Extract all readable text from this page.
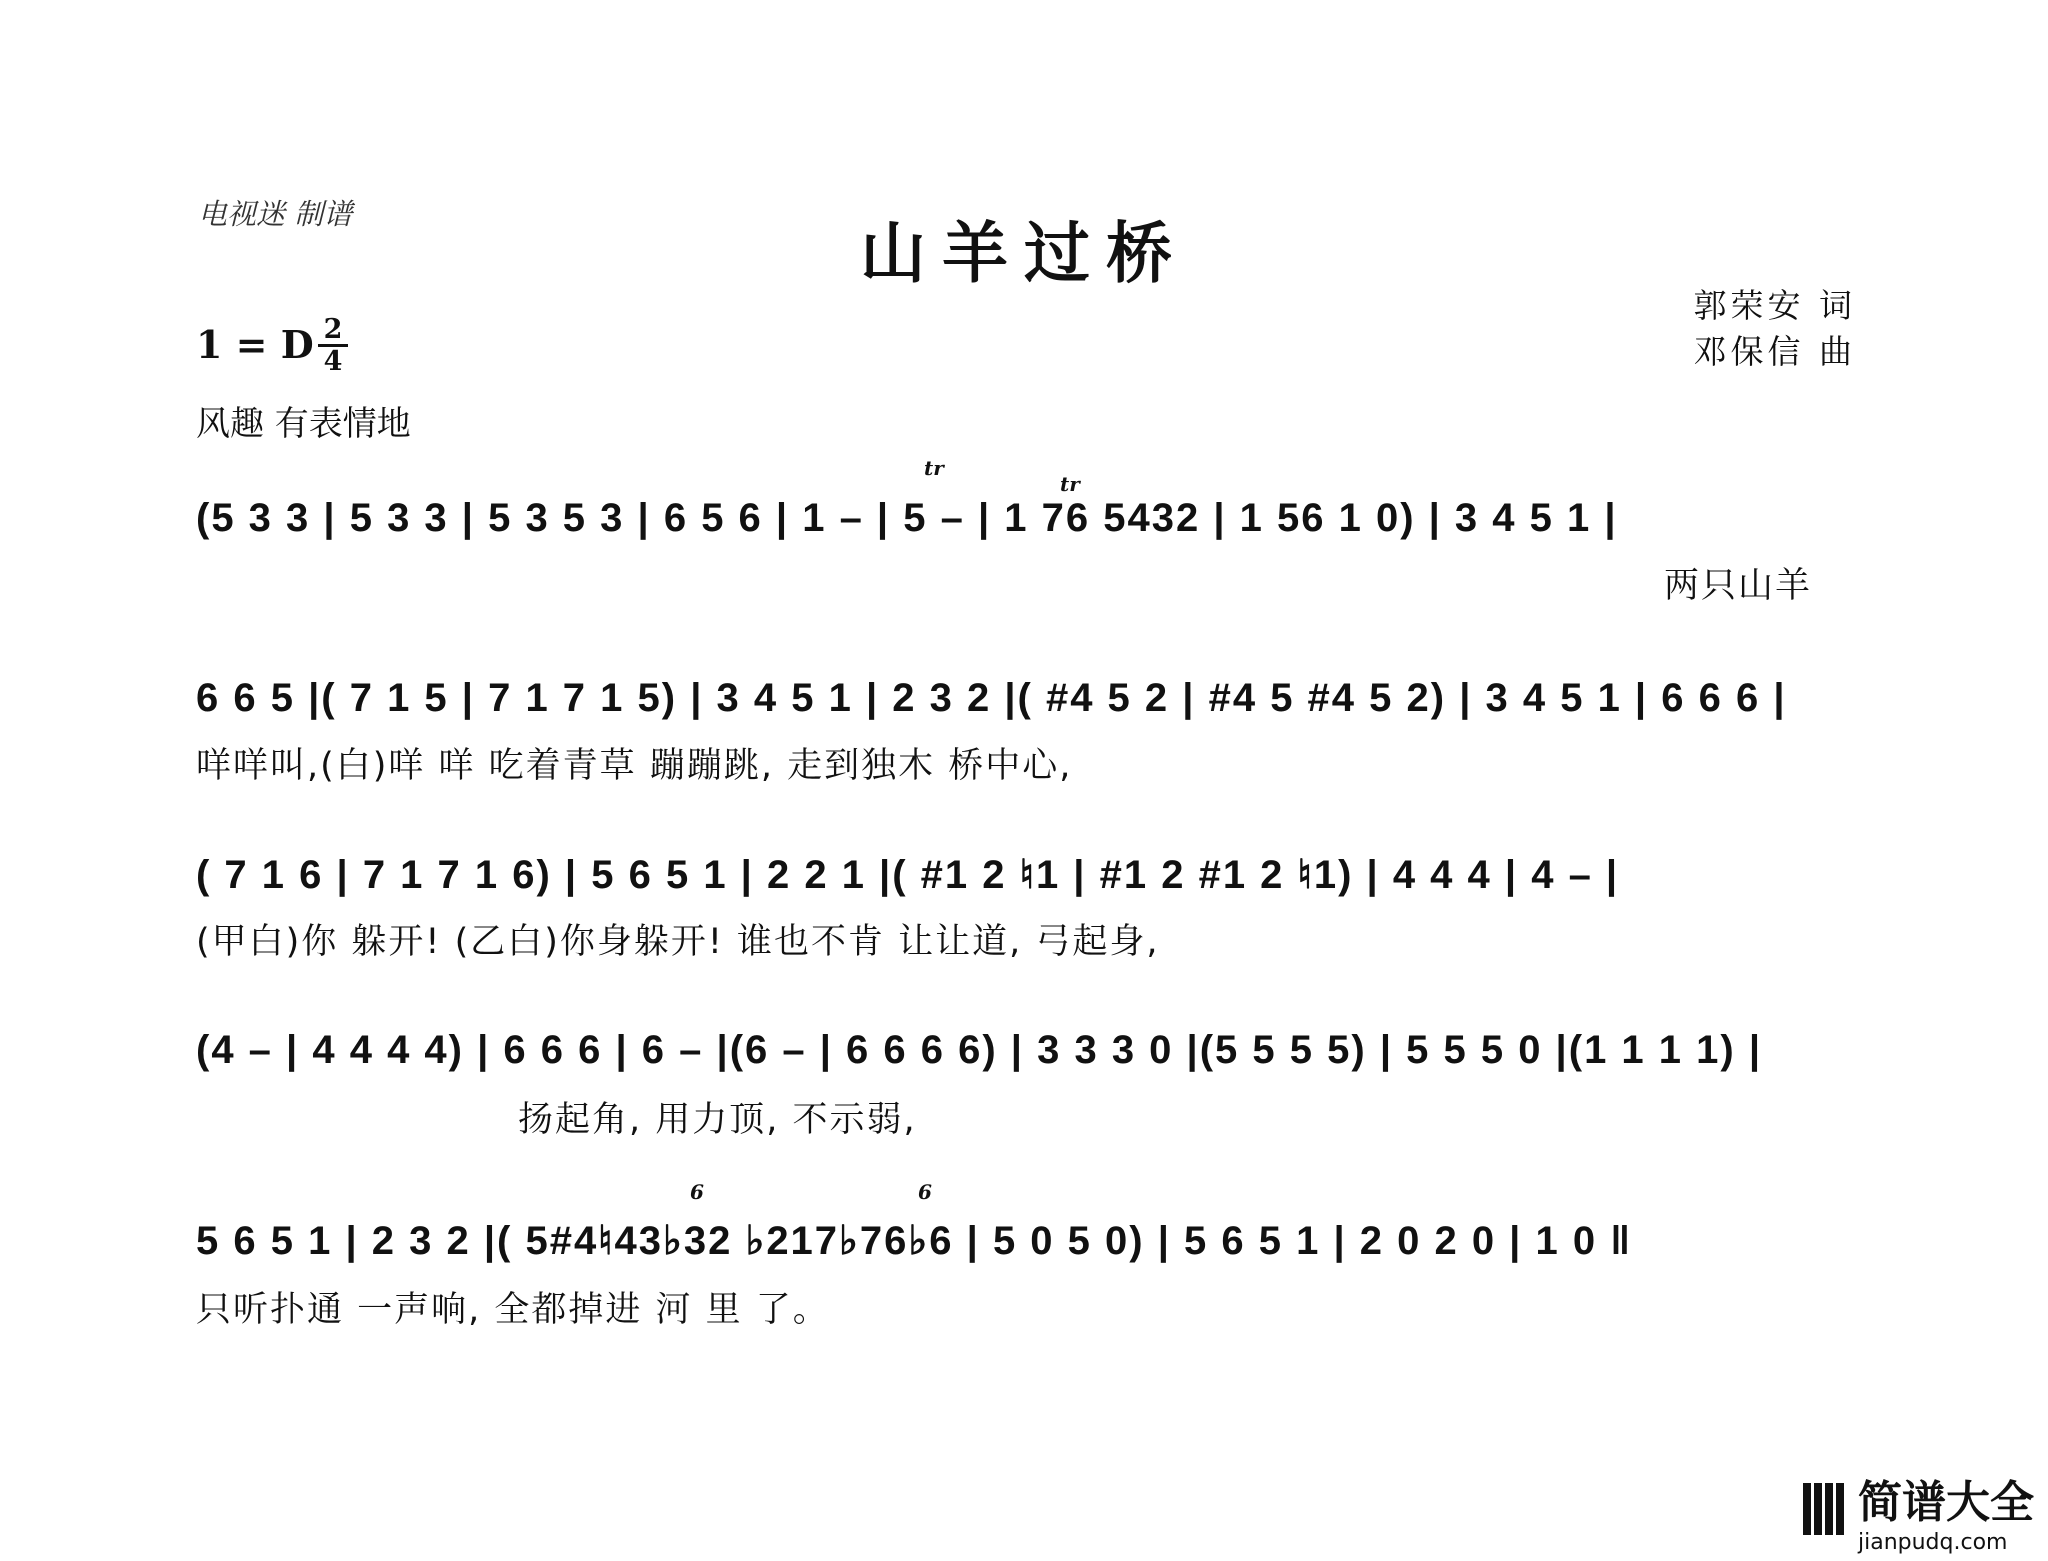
电视迷 制谱	山羊过桥
郭荣安 词
邓保信 曲
1 = D 2
4
风趣 有表情地
tr
tr
(5 3 3 | 5 3 3 | 5 3 5 3 | 6 5 6 | 1 – | 5 – | 1 76 5432 | 1 56 1 0) | 3 4 5 1 |
两只山羊
6 6 5 |( 7 1 5 | 7 1 7 1 5) | 3 4 5 1 | 2 3 2 |( #4 5 2 | #4 5 #4 5 2) | 3 4 5 1 | 6 6 6 |
咩咩叫,(白)咩 咩 吃着青草 蹦蹦跳, 走到独木 桥中心,
( 7 1 6 | 7 1 7 1 6) | 5 6 5 1 | 2 2 1 |( #1 2 ♮1 | #1 2 #1 2 ♮1) | 4 4 4 | 4 – |
(甲白)你 躲开! (乙白)你身躲开! 谁也不肯 让让道, 弓起身,
(4 – | 4 4 4 4) | 6 6 6 | 6 – |(6 – | 6 6 6 6) | 3 3 3 0 |(5 5 5 5) | 5 5 5 0 |(1 1 1 1) |
扬起角, 用力顶, 不示弱,
6	6
5 6 5 1 | 2 3 2 |( 5#4♮43♭32 ♭217♭76♭6 | 5 0 5 0) | 5 6 5 1 | 2 0 2 0 | 1 0 ‖
只听扑通 一声响, 全都掉进 河 里 了。

简谱大全
jianpudq.com
